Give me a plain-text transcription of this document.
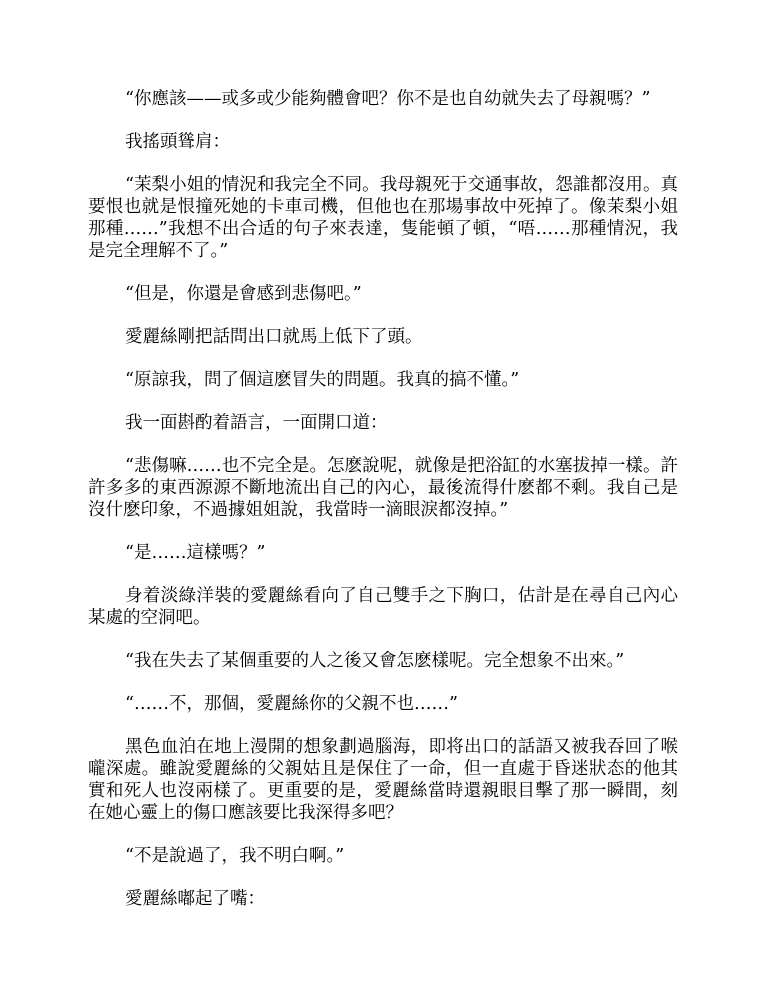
“你應該——或多或少能夠體會吧？你不是也自幼就失去了母親嗎？”

我搖頭聳肩：

“茉梨小姐的情況和我完全不同。我母親死于交通事故，怨誰都沒用。真要恨也就是恨撞死她的卡車司機，但他也在那場事故中死掉了。像茉梨小姐那種……”我想不出合适的句子來表達，隻能頓了頓，“唔……那種情況，我是完全理解不了。”

“但是，你還是會感到悲傷吧。”

愛麗絲剛把話問出口就馬上低下了頭。

“原諒我，問了個這麽冒失的問題。我真的搞不懂。”

我一面斟酌着語言，一面開口道：

“悲傷嘛……也不完全是。怎麽說呢，就像是把浴缸的水塞拔掉一樣。許許多多的東西源源不斷地流出自己的內心，最後流得什麽都不剩。我自己是沒什麽印象，不過據姐姐說，我當時一滴眼淚都沒掉。”

“是……這樣嗎？”

身着淡綠洋裝的愛麗絲看向了自己雙手之下胸口，估計是在尋自己內心某處的空洞吧。

“我在失去了某個重要的人之後又會怎麽樣呢。完全想象不出來。”

“……不，那個，愛麗絲你的父親不也……”

黑色血泊在地上漫開的想象劃過腦海，即将出口的話語又被我吞回了喉嚨深處。雖說愛麗絲的父親姑且是保住了一命，但一直處于昏迷狀态的他其實和死人也沒兩樣了。更重要的是，愛麗絲當時還親眼目擊了那一瞬間，刻在她心靈上的傷口應該要比我深得多吧？

“不是說過了，我不明白啊。”

愛麗絲嘟起了嘴：
